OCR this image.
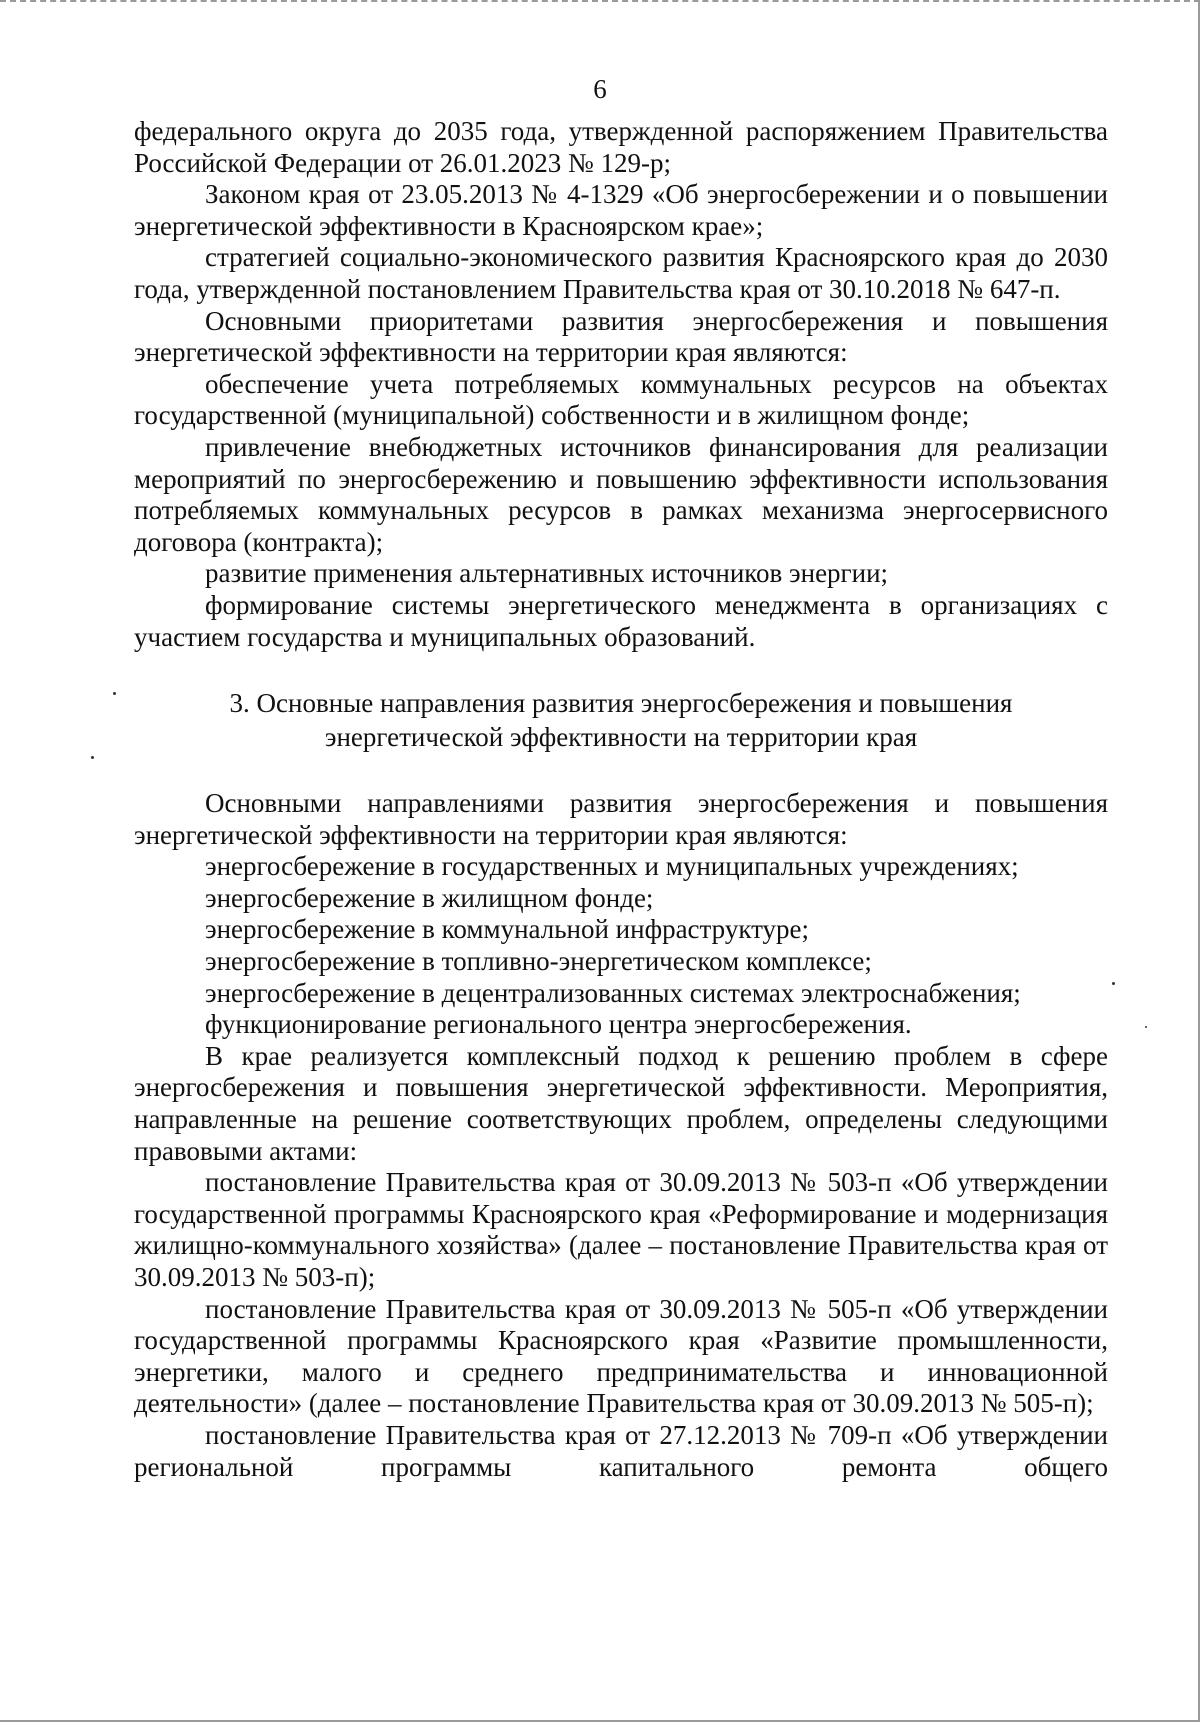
6

федерального округа до 2035 года, утвержденной распоряжением Правительства Российской Федерации от 26.01.2023 № 129-р;

Законом края от 23.05.2013 № 4-1329 «Об энергосбережении и о повышении энергетической эффективности в Красноярском крае»;

стратегией социально-экономического развития Красноярского края до 2030 года, утвержденной постановлением Правительства края от 30.10.2018 № 647-п.

Основными приоритетами развития энергосбережения и повышения энергетической эффективности на территории края являются:

обеспечение учета потребляемых коммунальных ресурсов на объектах государственной (муниципальной) собственности и в жилищном фонде;

привлечение внебюджетных источников финансирования для реализации мероприятий по энергосбережению и повышению эффективности использования потребляемых коммунальных ресурсов в рамках механизма энергосервисного договора (контракта);

развитие применения альтернативных источников энергии;

формирование системы энергетического менеджмента в организациях с участием государства и муниципальных образований.

3. Основные направления развития энергосбережения и повышения
энергетической эффективности на территории края

Основными направлениями развития энергосбережения и повышения энергетической эффективности на территории края являются:

энергосбережение в государственных и муниципальных учреждениях;

энергосбережение в жилищном фонде;

энергосбережение в коммунальной инфраструктуре;

энергосбережение в топливно-энергетическом комплексе;

энергосбережение в децентрализованных системах электроснабжения;

функционирование регионального центра энергосбережения.

В крае реализуется комплексный подход к решению проблем в сфере энергосбережения и повышения энергетической эффективности. Мероприятия, направленные на решение соответствующих проблем, определены следующими правовыми актами:

постановление Правительства края от 30.09.2013 № 503-п «Об утверждении государственной программы Красноярского края «Реформирование и модернизация жилищно-коммунального хозяйства» (далее – постановление Правительства края от 30.09.2013 № 503-п);

постановление Правительства края от 30.09.2013 № 505-п «Об утверждении государственной программы Красноярского края «Развитие промышленности, энергетики, малого и среднего предпринимательства и инновационной деятельности» (далее – постановление Правительства края от 30.09.2013 № 505-п);

постановление Правительства края от 27.12.2013 № 709-п «Об утверждении региональной программы капитального ремонта общего
